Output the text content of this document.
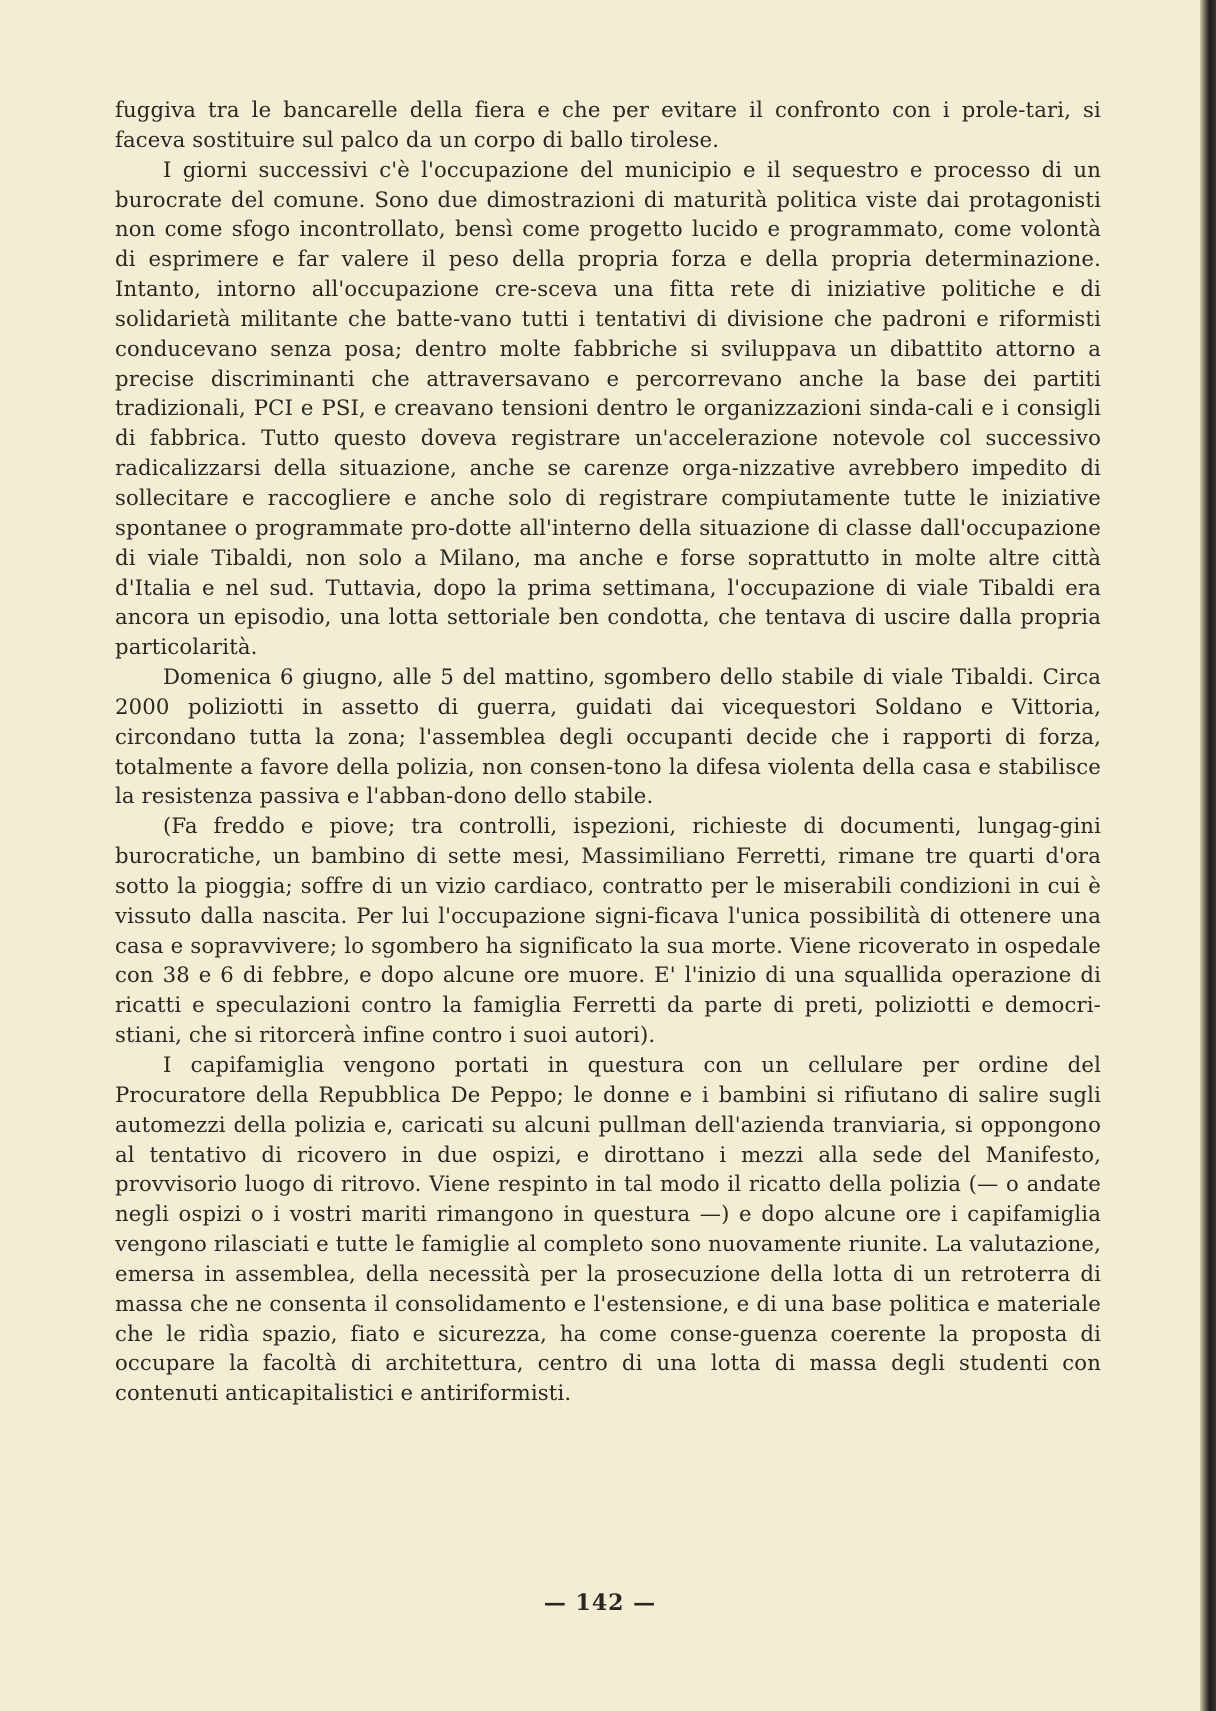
fuggiva tra le bancarelle della fiera e che per evitare il confronto con i prole-tari, si faceva sostituire sul palco da un corpo di ballo tirolese.

I giorni successivi c'è l'occupazione del municipio e il sequestro e processo di un burocrate del comune. Sono due dimostrazioni di maturità politica viste dai protagonisti non come sfogo incontrollato, bensì come progetto lucido e programmato, come volontà di esprimere e far valere il peso della propria forza e della propria determinazione. Intanto, intorno all'occupazione cre-sceva una fitta rete di iniziative politiche e di solidarietà militante che batte-vano tutti i tentativi di divisione che padroni e riformisti conducevano senza posa; dentro molte fabbriche si sviluppava un dibattito attorno a precise discriminanti che attraversavano e percorrevano anche la base dei partiti tradizionali, PCI e PSI, e creavano tensioni dentro le organizzazioni sinda-cali e i consigli di fabbrica. Tutto questo doveva registrare un'accelerazione notevole col successivo radicalizzarsi della situazione, anche se carenze orga-nizzative avrebbero impedito di sollecitare e raccogliere e anche solo di registrare compiutamente tutte le iniziative spontanee o programmate pro-dotte all'interno della situazione di classe dall'occupazione di viale Tibaldi, non solo a Milano, ma anche e forse soprattutto in molte altre città d'Italia e nel sud. Tuttavia, dopo la prima settimana, l'occupazione di viale Tibaldi era ancora un episodio, una lotta settoriale ben condotta, che tentava di uscire dalla propria particolarità.

Domenica 6 giugno, alle 5 del mattino, sgombero dello stabile di viale Tibaldi. Circa 2000 poliziotti in assetto di guerra, guidati dai vicequestori Soldano e Vittoria, circondano tutta la zona; l'assemblea degli occupanti decide che i rapporti di forza, totalmente a favore della polizia, non consen-tono la difesa violenta della casa e stabilisce la resistenza passiva e l'abban-dono dello stabile.

(Fa freddo e piove; tra controlli, ispezioni, richieste di documenti, lungag-gini burocratiche, un bambino di sette mesi, Massimiliano Ferretti, rimane tre quarti d'ora sotto la pioggia; soffre di un vizio cardiaco, contratto per le miserabili condizioni in cui è vissuto dalla nascita. Per lui l'occupazione signi-ficava l'unica possibilità di ottenere una casa e sopravvivere; lo sgombero ha significato la sua morte. Viene ricoverato in ospedale con 38 e 6 di febbre, e dopo alcune ore muore. E' l'inizio di una squallida operazione di ricatti e speculazioni contro la famiglia Ferretti da parte di preti, poliziotti e democri-stiani, che si ritorcerà infine contro i suoi autori).

I capifamiglia vengono portati in questura con un cellulare per ordine del Procuratore della Repubblica De Peppo; le donne e i bambini si rifiutano di salire sugli automezzi della polizia e, caricati su alcuni pullman dell'azienda tranviaria, si oppongono al tentativo di ricovero in due ospizi, e dirottano i mezzi alla sede del Manifesto, provvisorio luogo di ritrovo. Viene respinto in tal modo il ricatto della polizia (— o andate negli ospizi o i vostri mariti rimangono in questura —) e dopo alcune ore i capifamiglia vengono rilasciati e tutte le famiglie al completo sono nuovamente riunite. La valutazione, emersa in assemblea, della necessità per la prosecuzione della lotta di un retroterra di massa che ne consenta il consolidamento e l'estensione, e di una base politica e materiale che le ridìa spazio, fiato e sicurezza, ha come conse-guenza coerente la proposta di occupare la facoltà di architettura, centro di una lotta di massa degli studenti con contenuti anticapitalistici e antiriformisti.

— 142 —
